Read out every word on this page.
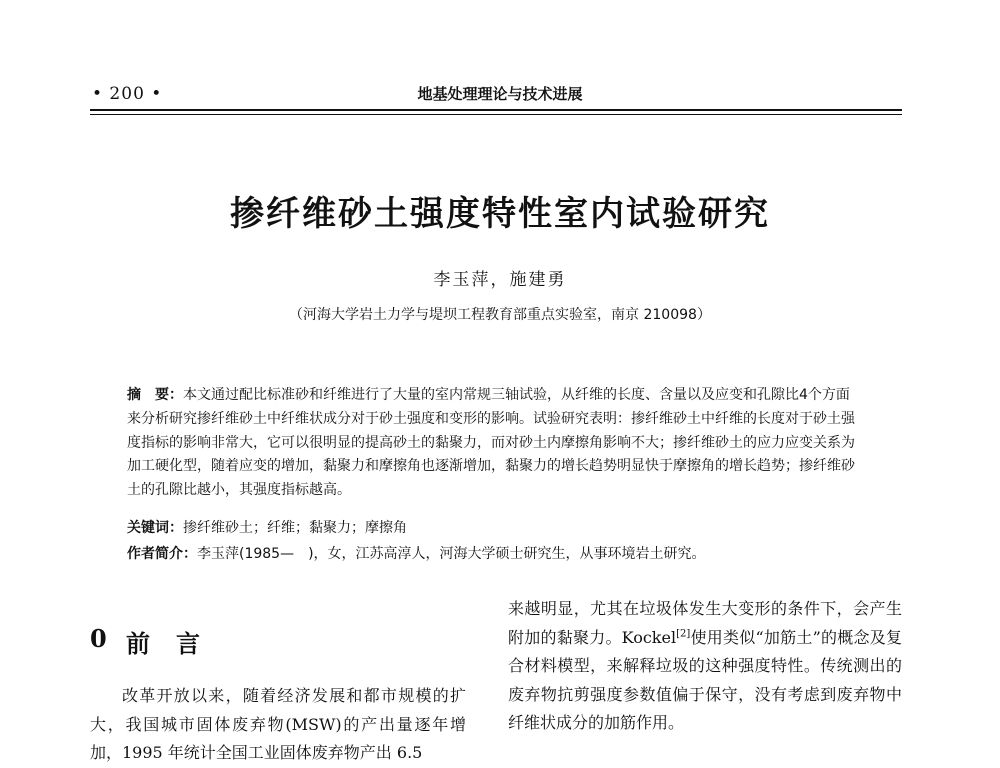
• 200 •	地基处理理论与技术进展
掺纤维砂土强度特性室内试验研究
李玉萍，施建勇
（河海大学岩土力学与堤坝工程教育部重点实验室，南京 210098）
摘　要：本文通过配比标准砂和纤维进行了大量的室内常规三轴试验，从纤维的长度、含量以及应变和孔隙比4个方面来分析研究掺纤维砂土中纤维状成分对于砂土强度和变形的影响。试验研究表明：掺纤维砂土中纤维的长度对于砂土强度指标的影响非常大，它可以很明显的提高砂土的黏聚力，而对砂土内摩擦角影响不大；掺纤维砂土的应力应变关系为加工硬化型，随着应变的增加，黏聚力和摩擦角也逐渐增加，黏聚力的增长趋势明显快于摩擦角的增长趋势；掺纤维砂土的孔隙比越小，其强度指标越高。
关键词：掺纤维砂土；纤维；黏聚力；摩擦角
作者简介：李玉萍(1985—　)，女，江苏高淳人，河海大学硕士研究生，从事环境岩土研究。
0 前言

改革开放以来，随着经济发展和都市规模的扩大，我国城市固体废弃物(MSW)的产出量逐年增加，1995 年统计全国工业固体废弃物产出 6.5

来越明显，尤其在垃圾体发生大变形的条件下，会产生附加的黏聚力。Kockel[2]使用类似“加筋土”的概念及复合材料模型，来解释垃圾的这种强度特性。传统测出的废弃物抗剪强度参数值偏于保守，没有考虑到废弃物中纤维状成分的加筋作用。
